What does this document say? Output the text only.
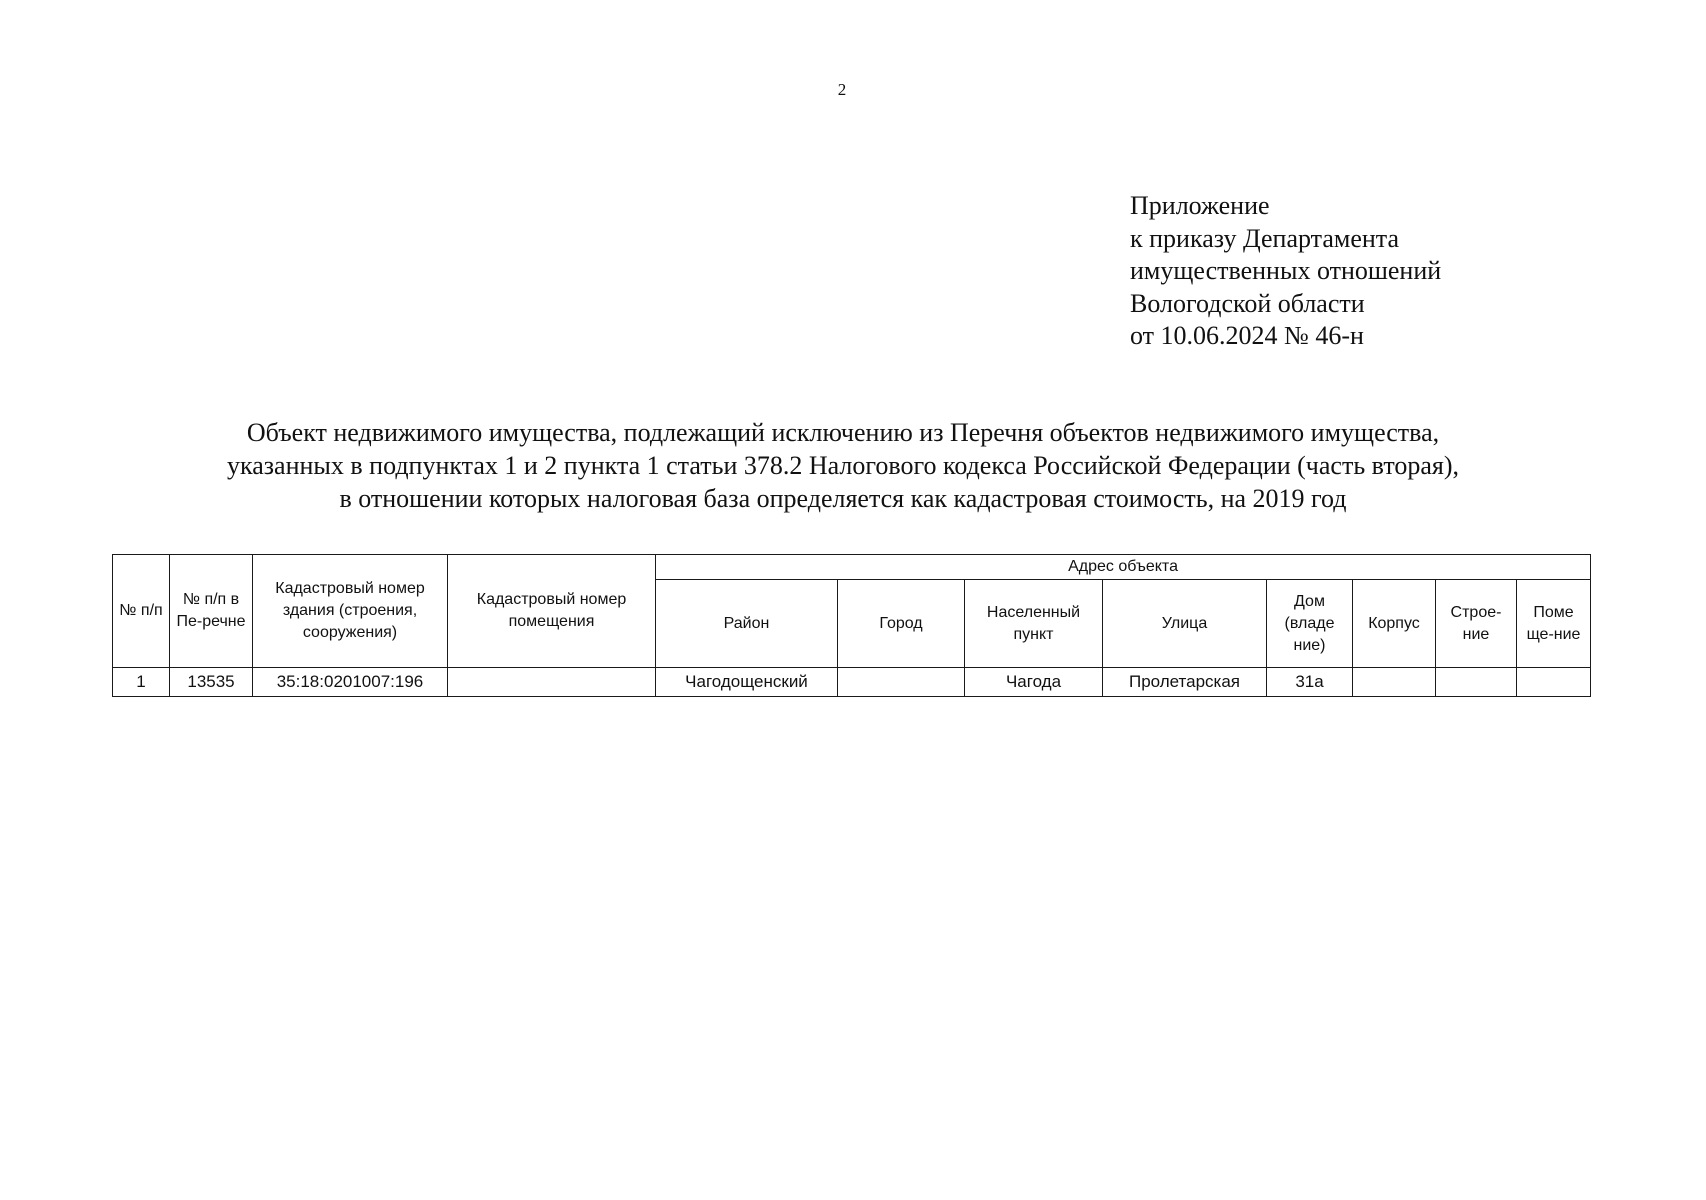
2
Приложение
к приказу Департамента
имущественных отношений
Вологодской области
от 10.06.2024 № 46-н
Объект недвижимого имущества, подлежащий исключению из Перечня объектов недвижимого имущества,
указанных в подпунктах 1 и 2 пункта 1 статьи 378.2 Налогового кодекса Российской Федерации (часть вторая),
в отношении которых налоговая база определяется как кадастровая стоимость, на 2019 год
№ п/п	№ п/п в Пе-речне	Кадастровый номер здания (строения, сооружения)	Кадастровый номер помещения	Адрес объекта							
				Район	Город	Населенный пункт	Улица	Дом (владе ние)	Корпус	Строе-ние	Поме ще-ние
1	13535	35:18:0201007:196		Чагодощенский		Чагода	Пролетарская	31а			
